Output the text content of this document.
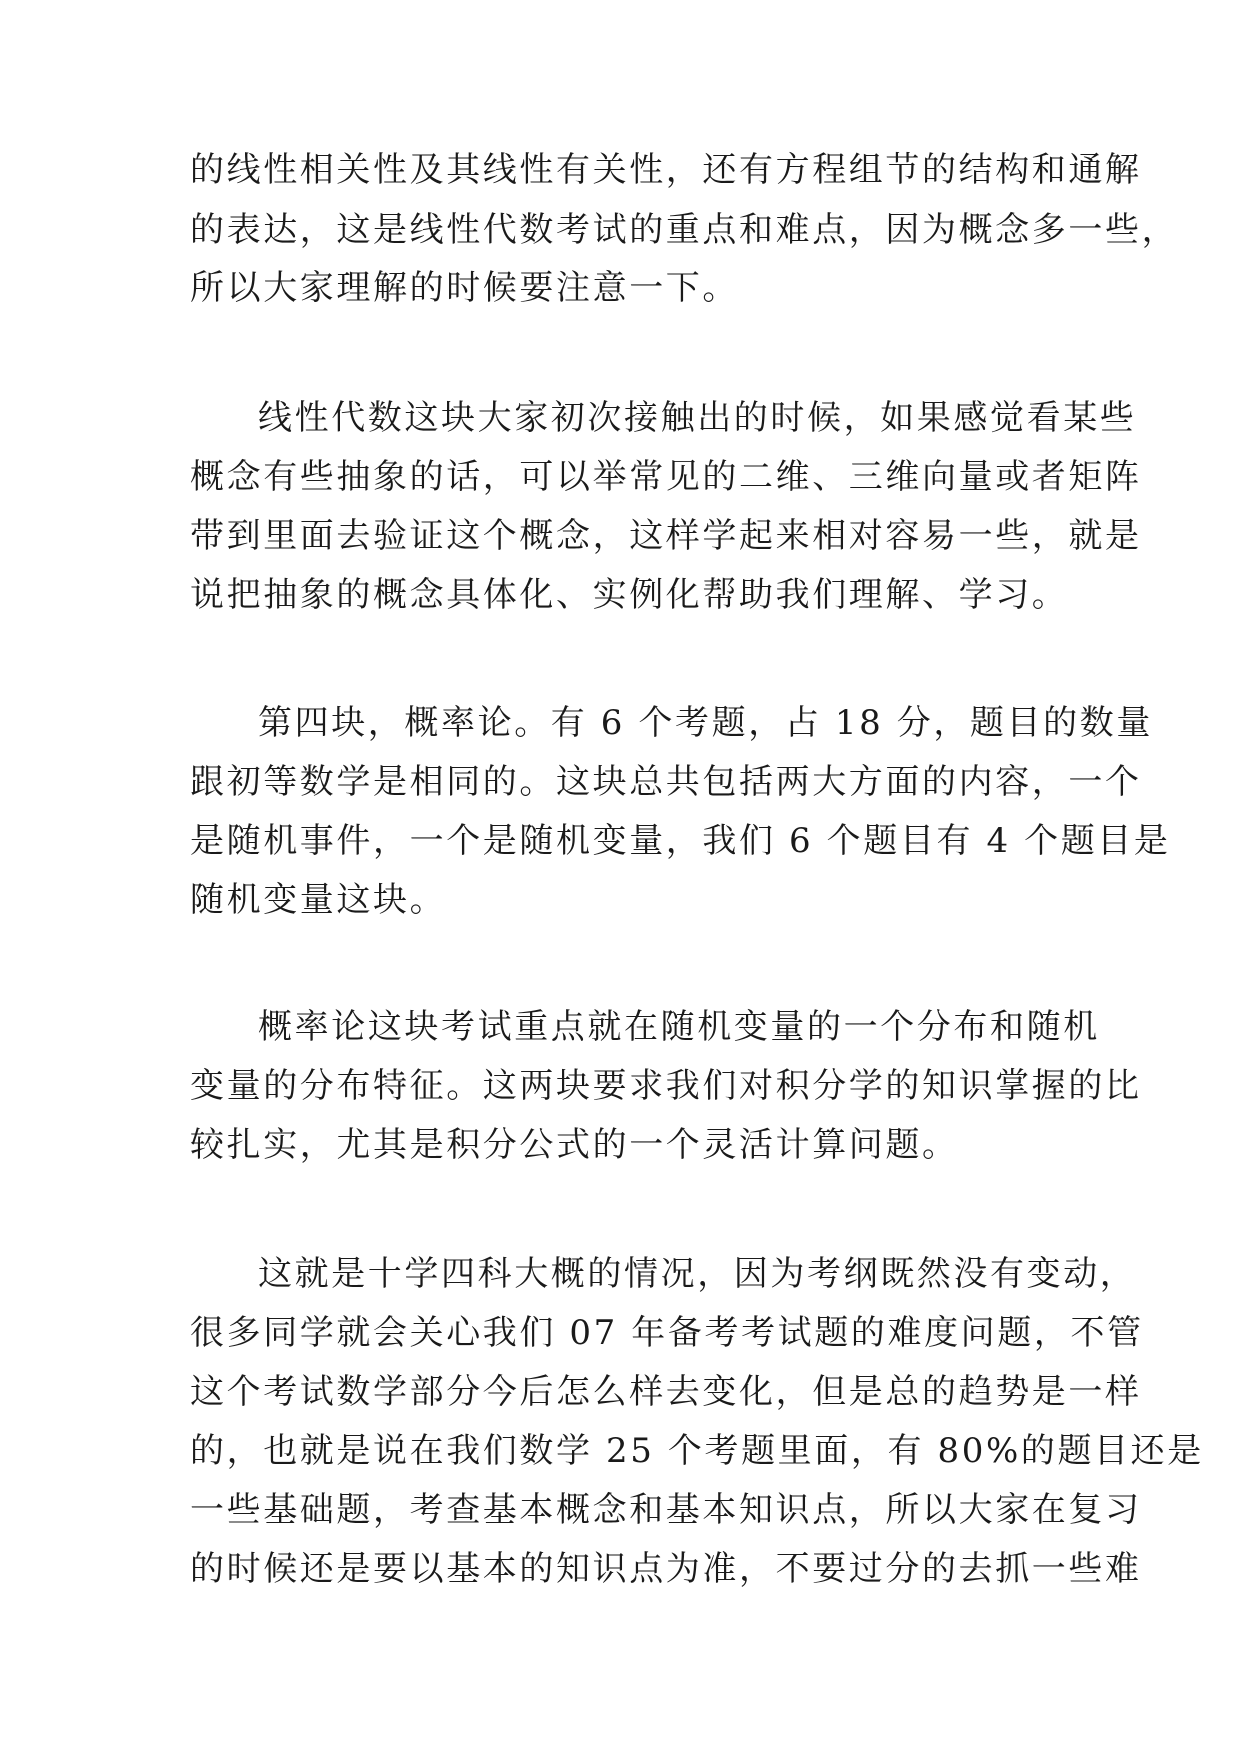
的线性相关性及其线性有关性，还有方程组节的结构和通解
的表达，这是线性代数考试的重点和难点，因为概念多一些，
所以大家理解的时候要注意一下。
线性代数这块大家初次接触出的时候，如果感觉看某些
概念有些抽象的话，可以举常见的二维、三维向量或者矩阵
带到里面去验证这个概念，这样学起来相对容易一些，就是
说把抽象的概念具体化、实例化帮助我们理解、学习。
第四块，概率论。有 6 个考题，占 18 分，题目的数量
跟初等数学是相同的。这块总共包括两大方面的内容，一个
是随机事件，一个是随机变量，我们 6 个题目有 4 个题目是
随机变量这块。
概率论这块考试重点就在随机变量的一个分布和随机
变量的分布特征。这两块要求我们对积分学的知识掌握的比
较扎实，尤其是积分公式的一个灵活计算问题。
这就是十学四科大概的情况，因为考纲既然没有变动，
很多同学就会关心我们 07 年备考考试题的难度问题，不管
这个考试数学部分今后怎么样去变化，但是总的趋势是一样
的，也就是说在我们数学 25 个考题里面，有 80%的题目还是
一些基础题，考查基本概念和基本知识点，所以大家在复习
的时候还是要以基本的知识点为准，不要过分的去抓一些难
